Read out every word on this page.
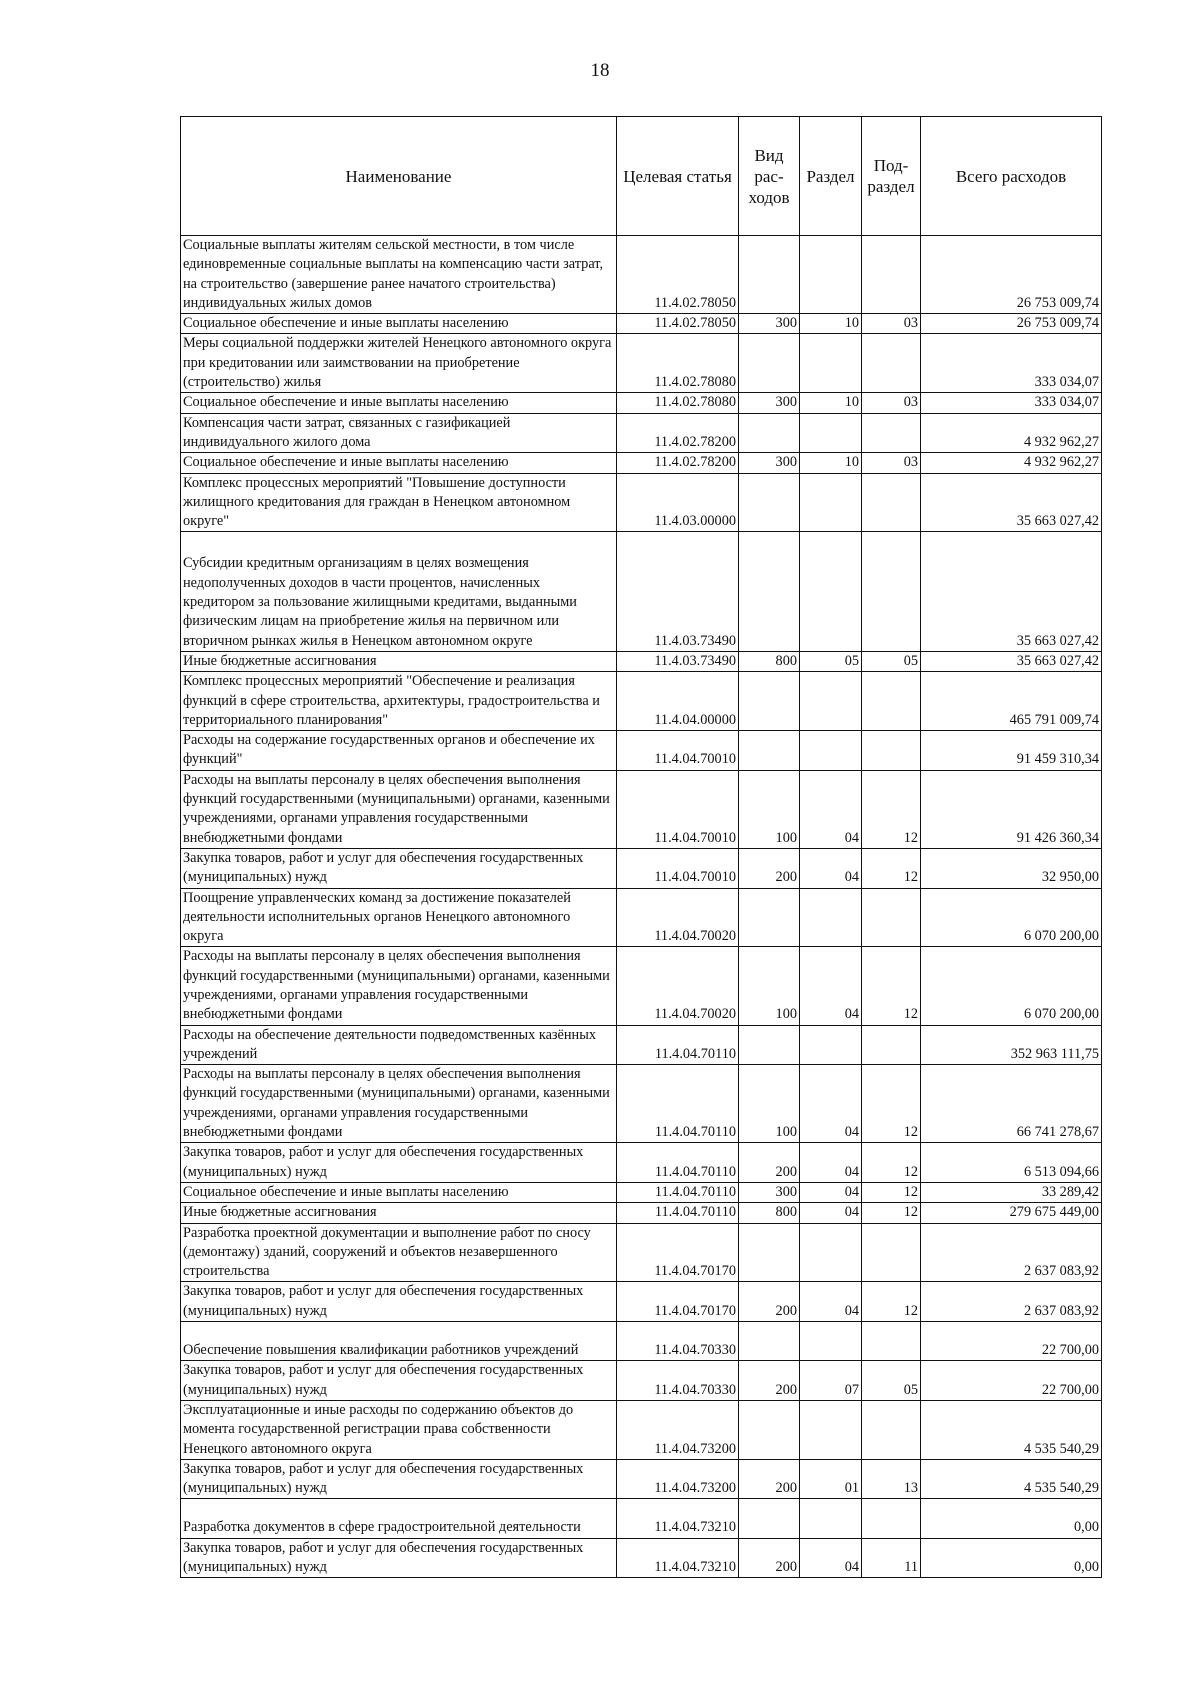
18
Наименование	Целевая статья	Вид рас- ходов	Раздел	Под- раздел	Всего расходов
Социальные выплаты жителям сельской местности, в том числе единовременные социальные выплаты на компенсацию части затрат, на строительство (завершение ранее начатого строительства) индивидуальных жилых домов	11.4.02.78050				26 753 009,74
Социальное обеспечение и иные выплаты населению	11.4.02.78050	300	10	03	26 753 009,74
Меры социальной поддержки жителей Ненецкого автономного округа при кредитовании или заимствовании на приобретение (строительство) жилья	11.4.02.78080				333 034,07
Социальное обеспечение и иные выплаты населению	11.4.02.78080	300	10	03	333 034,07
Компенсация части затрат, связанных с газификацией индивидуального жилого дома	11.4.02.78200				4 932 962,27
Социальное обеспечение и иные выплаты населению	11.4.02.78200	300	10	03	4 932 962,27
Комплекс процессных мероприятий "Повышение доступности жилищного кредитования для граждан в Ненецком автономном округе"	11.4.03.00000				35 663 027,42
Субсидии кредитным организациям в целях возмещения недополученных доходов в части процентов, начисленных кредитором за пользование жилищными кредитами, выданными физическим лицам на приобретение жилья на первичном или вторичном рынках жилья в Ненецком автономном округе	11.4.03.73490				35 663 027,42
Иные бюджетные ассигнования	11.4.03.73490	800	05	05	35 663 027,42
Комплекс процессных мероприятий "Обеспечение и реализация функций в сфере строительства, архитектуры, градостроительства и территориального планирования"	11.4.04.00000				465 791 009,74
Расходы на содержание государственных органов и обеспечение их функций"	11.4.04.70010				91 459 310,34
Расходы на выплаты персоналу в целях обеспечения выполнения функций государственными (муниципальными) органами, казенными учреждениями, органами управления государственными внебюджетными фондами	11.4.04.70010	100	04	12	91 426 360,34
Закупка товаров, работ и услуг для обеспечения государственных (муниципальных) нужд	11.4.04.70010	200	04	12	32 950,00
Поощрение управленческих команд за достижение показателей деятельности исполнительных органов Ненецкого автономного округа	11.4.04.70020				6 070 200,00
Расходы на выплаты персоналу в целях обеспечения выполнения функций государственными (муниципальными) органами, казенными учреждениями, органами управления государственными внебюджетными фондами	11.4.04.70020	100	04	12	6 070 200,00
Расходы на обеспечение деятельности подведомственных казённых учреждений	11.4.04.70110				352 963 111,75
Расходы на выплаты персоналу в целях обеспечения выполнения функций государственными (муниципальными) органами, казенными учреждениями, органами управления государственными внебюджетными фондами	11.4.04.70110	100	04	12	66 741 278,67
Закупка товаров, работ и услуг для обеспечения государственных (муниципальных) нужд	11.4.04.70110	200	04	12	6 513 094,66
Социальное обеспечение и иные выплаты населению	11.4.04.70110	300	04	12	33 289,42
Иные бюджетные ассигнования	11.4.04.70110	800	04	12	279 675 449,00
Разработка проектной документации и выполнение работ по сносу (демонтажу) зданий, сооружений и объектов незавершенного строительства	11.4.04.70170				2 637 083,92
Закупка товаров, работ и услуг для обеспечения государственных (муниципальных) нужд	11.4.04.70170	200	04	12	2 637 083,92
Обеспечение повышения квалификации работников учреждений	11.4.04.70330				22 700,00
Закупка товаров, работ и услуг для обеспечения государственных (муниципальных) нужд	11.4.04.70330	200	07	05	22 700,00
Эксплуатационные и иные расходы по содержанию объектов до момента государственной регистрации права собственности Ненецкого автономного округа	11.4.04.73200				4 535 540,29
Закупка товаров, работ и услуг для обеспечения государственных (муниципальных) нужд	11.4.04.73200	200	01	13	4 535 540,29
Разработка документов в сфере градостроительной деятельности	11.4.04.73210				0,00
Закупка товаров, работ и услуг для обеспечения государственных (муниципальных) нужд	11.4.04.73210	200	04	11	0,00
